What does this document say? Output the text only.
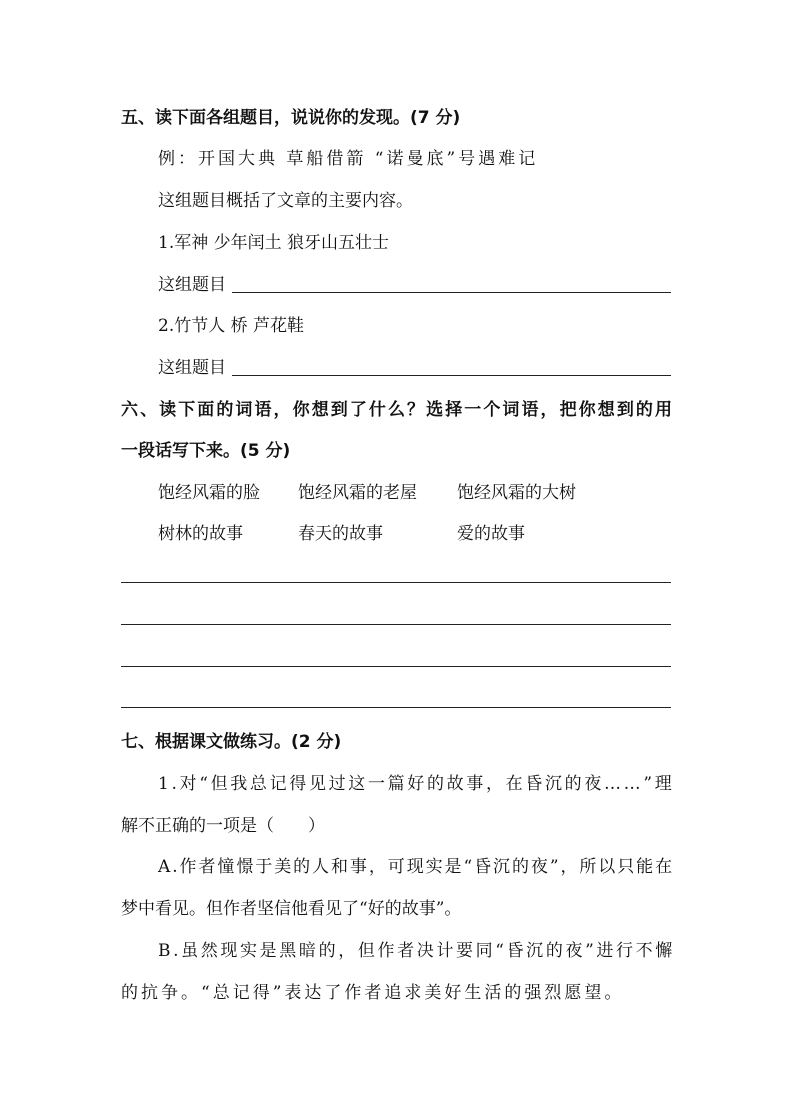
五、读下面各组题目，说说你的发现。(7 分)
例：开国大典 草船借箭 “诺曼底”号遇难记
这组题目概括了文章的主要内容。
1.军神 少年闰土 狼牙山五壮士
这组题目
2.竹节人 桥 芦花鞋
这组题目
六、读下面的词语，你想到了什么？选择一个词语，把你想到的用
一段话写下来。(5 分)
饱经风霜的脸 饱经风霜的老屋 饱经风霜的大树
树林的故事	春天的故事	爱的故事
七、根据课文做练习。(2 分)
1.对“但我总记得见过这一篇好的故事，在昏沉的夜……”理
解不正确的一项是（　　）
A.作者憧憬于美的人和事，可现实是“昏沉的夜”，所以只能在
梦中看见。但作者坚信他看见了“好的故事”。
B.虽然现实是黑暗的，但作者决计要同“昏沉的夜”进行不懈
的抗争。“总记得”表达了作者追求美好生活的强烈愿望。
